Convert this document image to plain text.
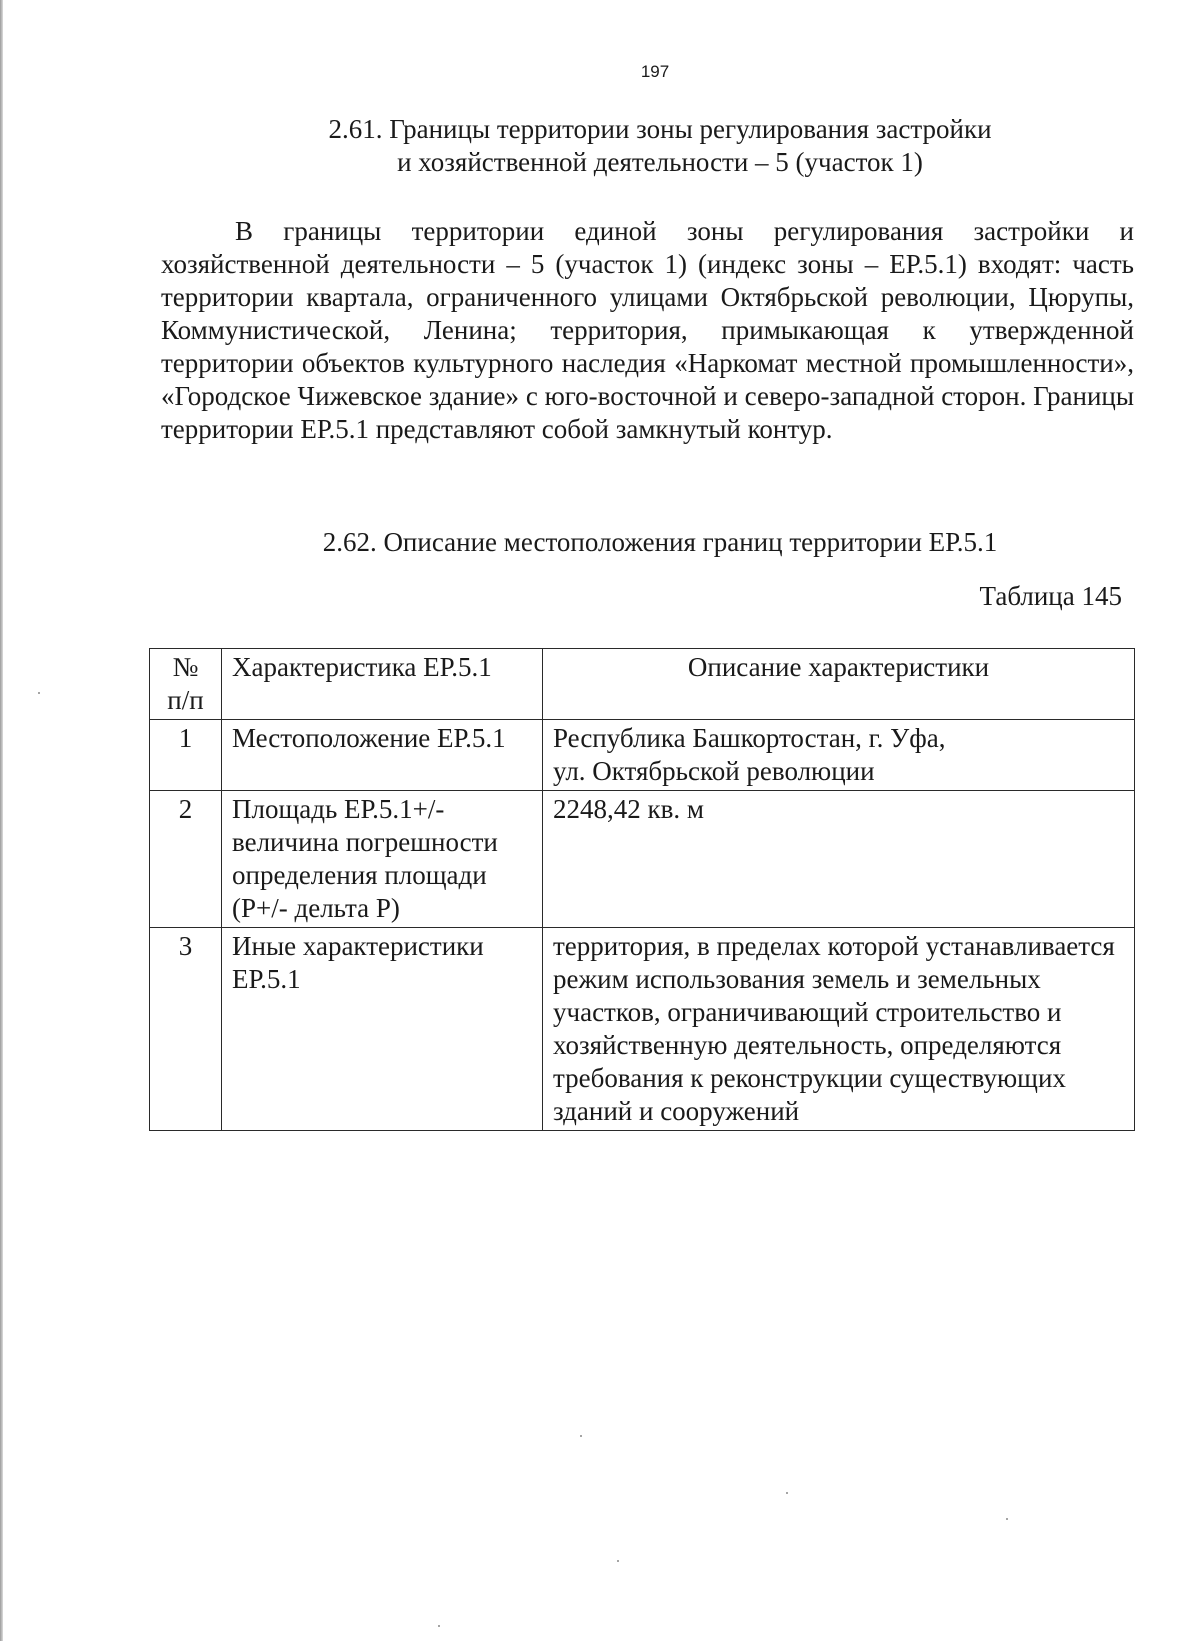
197
2.61. Границы территории зоны регулирования застройки
и хозяйственной деятельности – 5 (участок 1)

В границы территории единой зоны регулирования застройки и хозяйственной деятельности – 5 (участок 1) (индекс зоны – ЕР.5.1) входят: часть территории квартала, ограниченного улицами Октябрьской революции, Цюрупы, Коммунистической, Ленина; территория, примыкающая к утвержденной территории объектов культурного наследия «Наркомат местной промышленности», «Городское Чижевское здание» с юго-восточной и северо-западной сторон. Границы территории ЕР.5.1 представляют собой замкнутый контур.

2.62. Описание местоположения границ территории ЕР.5.1
Таблица 145
№
п/п	Характеристика ЕР.5.1	Описание характеристики
1	Местоположение ЕР.5.1	Республика Башкортостан, г. Уфа,
ул. Октябрьской революции
2	Площадь ЕР.5.1+/- величина погрешности определения площади (Р+/- дельта Р)	2248,42 кв. м
3	Иные характеристики ЕР.5.1	территория, в пределах которой устанавливается режим использования земель и земельных участков, ограничивающий строительство и хозяйственную деятельность, определяются требования к реконструкции существующих зданий и сооружений
